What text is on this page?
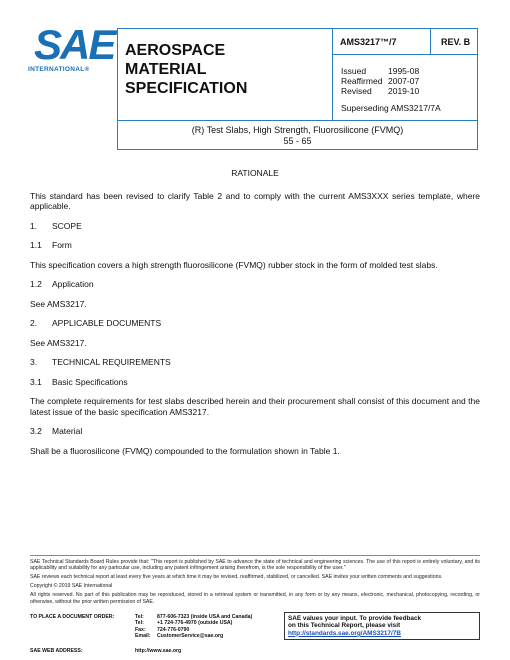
SAE
INTERNATIONAL®
AEROSPACE
MATERIAL SPECIFICATION
AMS3217™/7	REV. B
Issued	1995-08
Reaffirmed 2007-07
Revised	2019-10
Superseding AMS3217/7A
(R) Test Slabs, High Strength, Fluorosilicone (FVMQ)
55 - 65
RATIONALE

This standard has been revised to clarify Table 2 and to comply with the current AMS3XXX series template, where applicable.

1. SCOPE
1.1 Form

This specification covers a high strength fluorosilicone (FVMQ) rubber stock in the form of molded test slabs.

1.2 Application

See AMS3217.

2. APPLICABLE DOCUMENTS

See AMS3217.

3. TECHNICAL REQUIREMENTS
3.1 Basic Specifications

The complete requirements for test slabs described herein and their procurement shall consist of this document and the latest issue of the basic specification AMS3217.

3.2 Material

Shall be a fluorosilicone (FVMQ) compounded to the formulation shown in Table 1.

SAE Technical Standards Board Rules provide that: "This report is published by SAE to advance the state of technical and engineering sciences. The use of this report is entirely voluntary, and its applicability and suitability for any particular use, including any patent infringement arising therefrom, is the sole responsibility of the user."

SAE reviews each technical report at least every five years at which time it may be revised, reaffirmed, stabilized, or cancelled. SAE invites your written comments and suggestions.

Copyright © 2019 SAE International

All rights reserved. No part of this publication may be reproduced, stored in a retrieval system or transmitted, in any form or by any means, electronic, mechanical, photocopying, recording, or otherwise, without the prior written permission of SAE.

TO PLACE A DOCUMENT ORDER:	Tel:	877-606-7323 (inside USA and Canada)
Tel:	+1 724-776-4970 (outside USA)
Fax:	724-776-0790
Email:	CustomerService@sae.org
SAE WEB ADDRESS:	http://www.sae.org
SAE values your input. To provide feedback
on this Technical Report, please visit
http://standards.sae.org/AMS3217/7B
